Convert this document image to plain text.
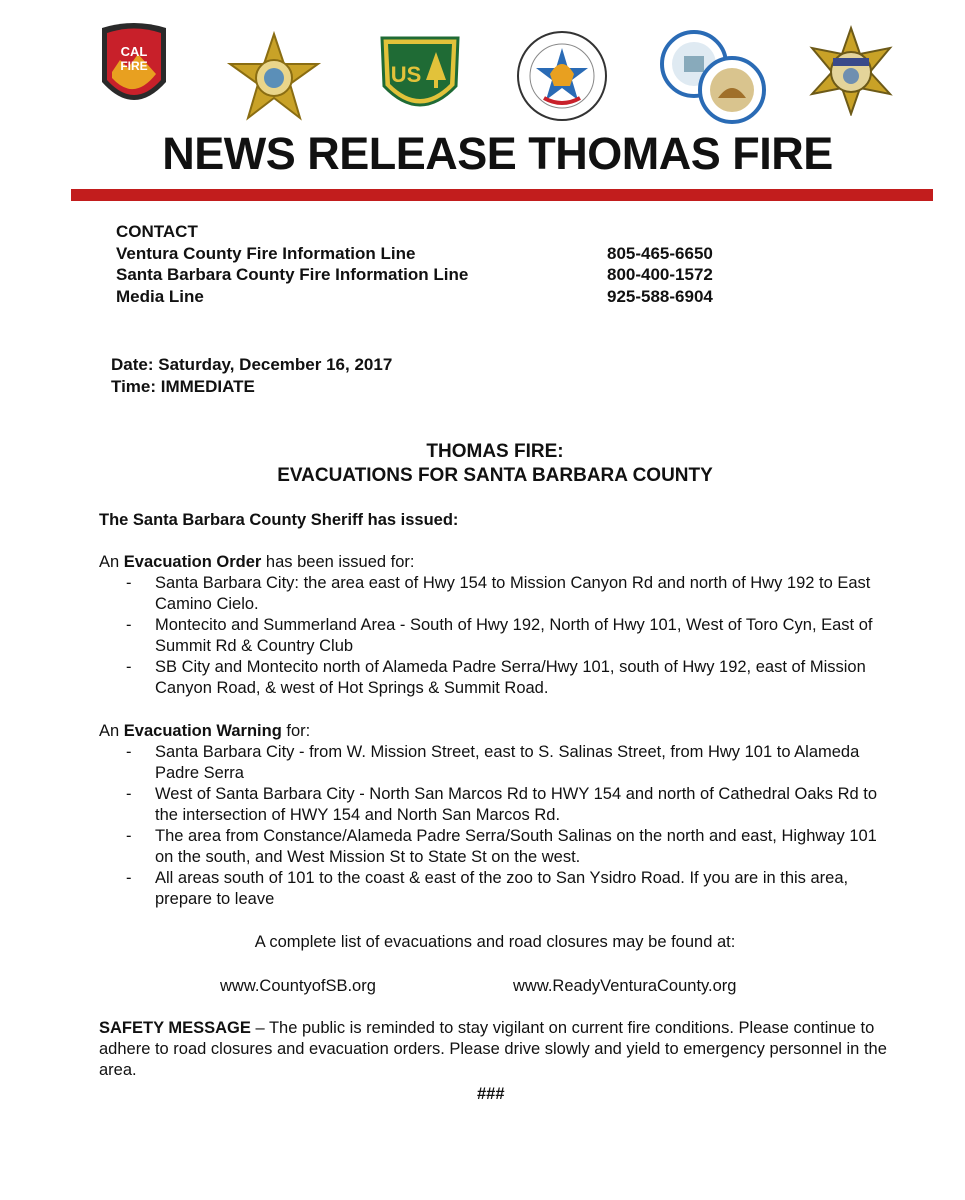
CAL
FIRE	US
NEWS RELEASE THOMAS FIRE
CONTACT
Ventura County Fire Information Line	805-465-6650
Santa Barbara County Fire Information Line	800-400-1572
Media Line	925-588-6904
Date: Saturday, December 16, 2017
Time: IMMEDIATE
THOMAS FIRE:
EVACUATIONS FOR SANTA BARBARA COUNTY
The Santa Barbara County Sheriff has issued:
An Evacuation Order has been issued for:
- Santa Barbara City: the area east of Hwy 154 to Mission Canyon Rd and north of Hwy 192 to East Camino Cielo.
- Montecito and Summerland Area - South of Hwy 192, North of Hwy 101, West of Toro Cyn, East of Summit Rd & Country Club
- SB City and Montecito north of Alameda Padre Serra/Hwy 101, south of Hwy 192, east of Mission Canyon Road, & west of Hot Springs & Summit Road.
An Evacuation Warning for:
- Santa Barbara City - from W. Mission Street, east to S. Salinas Street, from Hwy 101 to Alameda Padre Serra
- West of Santa Barbara City - North San Marcos Rd to HWY 154 and north of Cathedral Oaks Rd to the intersection of HWY 154 and North San Marcos Rd.
- The area from Constance/Alameda Padre Serra/South Salinas on the north and east, Highway 101 on the south, and West Mission St to State St on the west.
- All areas south of 101 to the coast & east of the zoo to San Ysidro Road. If you are in this area, prepare to leave
A complete list of evacuations and road closures may be found at:
www.CountyofSB.org	www.ReadyVenturaCounty.org
SAFETY MESSAGE – The public is reminded to stay vigilant on current fire conditions. Please continue to adhere to road closures and evacuation orders. Please drive slowly and yield to emergency personnel in the area.
###
